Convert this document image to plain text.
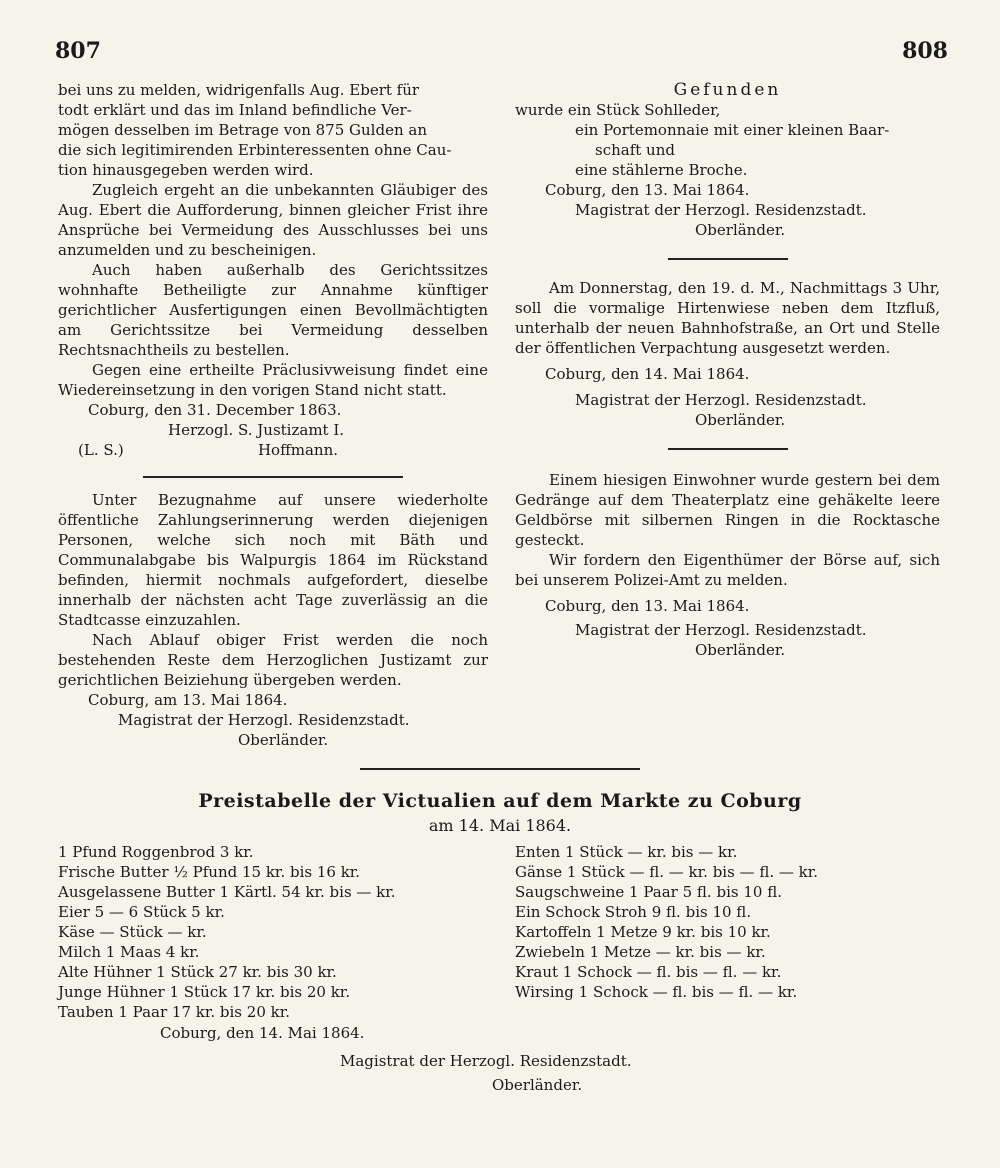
807	808

bei uns zu melden, widrigenfalls Aug. Ebert für

todt erklärt und das im Inland befindliche Ver-

mögen desselben im Betrage von 875 Gulden an

die sich legitimirenden Erbinteressenten ohne Cau-

tion hinausgegeben werden wird.

Zugleich ergeht an die unbekannten Gläubiger des Aug. Ebert die Aufforderung, binnen gleicher Frist ihre Ansprüche bei Vermeidung des Ausschlusses bei uns anzumelden und zu bescheinigen.

Auch haben außerhalb des Gerichtssitzes wohnhafte Betheiligte zur Annahme künftiger gerichtlicher Ausfertigungen einen Bevollmächtigten am Gerichtssitze bei Vermeidung desselben Rechtsnachtheils zu bestellen.

Gegen eine ertheilte Präclusivweisung findet eine Wiedereinsetzung in den vorigen Stand nicht statt.

Coburg, den 31. December 1863.

Herzogl. S. Justizamt I.

(L. S.)	Hoffmann.

Unter Bezugnahme auf unsere wiederholte öffentliche Zahlungserinnerung werden diejenigen Personen, welche sich noch mit Bäth und Communalabgabe bis Walpurgis 1864 im Rückstand befinden, hiermit nochmals aufgefordert, dieselbe innerhalb der nächsten acht Tage zuverlässig an die Stadtcasse einzuzahlen.

Nach Ablauf obiger Frist werden die noch bestehenden Reste dem Herzoglichen Justizamt zur gerichtlichen Beiziehung übergeben werden.

Coburg, am 13. Mai 1864.

Magistrat der Herzogl. Residenzstadt.

Oberländer.

Gefunden

wurde ein Stück Sohlleder,

ein Portemonnaie mit einer kleinen Baar-

schaft und

eine stählerne Broche.

Coburg, den 13. Mai 1864.

Magistrat der Herzogl. Residenzstadt.

Oberländer.

Am Donnerstag, den 19. d. M., Nachmittags 3 Uhr, soll die vormalige Hirtenwiese neben dem Itzfluß, unterhalb der neuen Bahnhofstraße, an Ort und Stelle der öffentlichen Verpachtung ausgesetzt werden.

Coburg, den 14. Mai 1864.

Magistrat der Herzogl. Residenzstadt.

Oberländer.

Einem hiesigen Einwohner wurde gestern bei dem Gedränge auf dem Theaterplatz eine gehäkelte leere Geldbörse mit silbernen Ringen in die Rocktasche gesteckt.

Wir fordern den Eigenthümer der Börse auf, sich bei unserem Polizei-Amt zu melden.

Coburg, den 13. Mai 1864.

Magistrat der Herzogl. Residenzstadt.

Oberländer.

Preistabelle der Victualien auf dem Markte zu Coburg
am 14. Mai 1864.
1 Pfund Roggenbrod 3 kr.
Frische Butter ½ Pfund 15 kr. bis 16 kr.
Ausgelassene Butter 1 Kärtl. 54 kr. bis — kr.
Eier 5 — 6 Stück 5 kr.
Käse — Stück — kr.
Milch 1 Maas 4 kr.
Alte Hühner 1 Stück 27 kr. bis 30 kr.
Junge Hühner 1 Stück 17 kr. bis 20 kr.
Tauben 1 Paar 17 kr. bis 20 kr.
Enten 1 Stück — kr. bis — kr.
Gänse 1 Stück — fl. — kr. bis — fl. — kr.
Saugschweine 1 Paar 5 fl. bis 10 fl.
Ein Schock Stroh 9 fl. bis 10 fl.
Kartoffeln 1 Metze 9 kr. bis 10 kr.
Zwiebeln 1 Metze — kr. bis — kr.
Kraut 1 Schock — fl. bis — fl. — kr.
Wirsing 1 Schock — fl. bis — fl. — kr.
Coburg, den 14. Mai 1864.
Magistrat der Herzogl. Residenzstadt.
Oberländer.
